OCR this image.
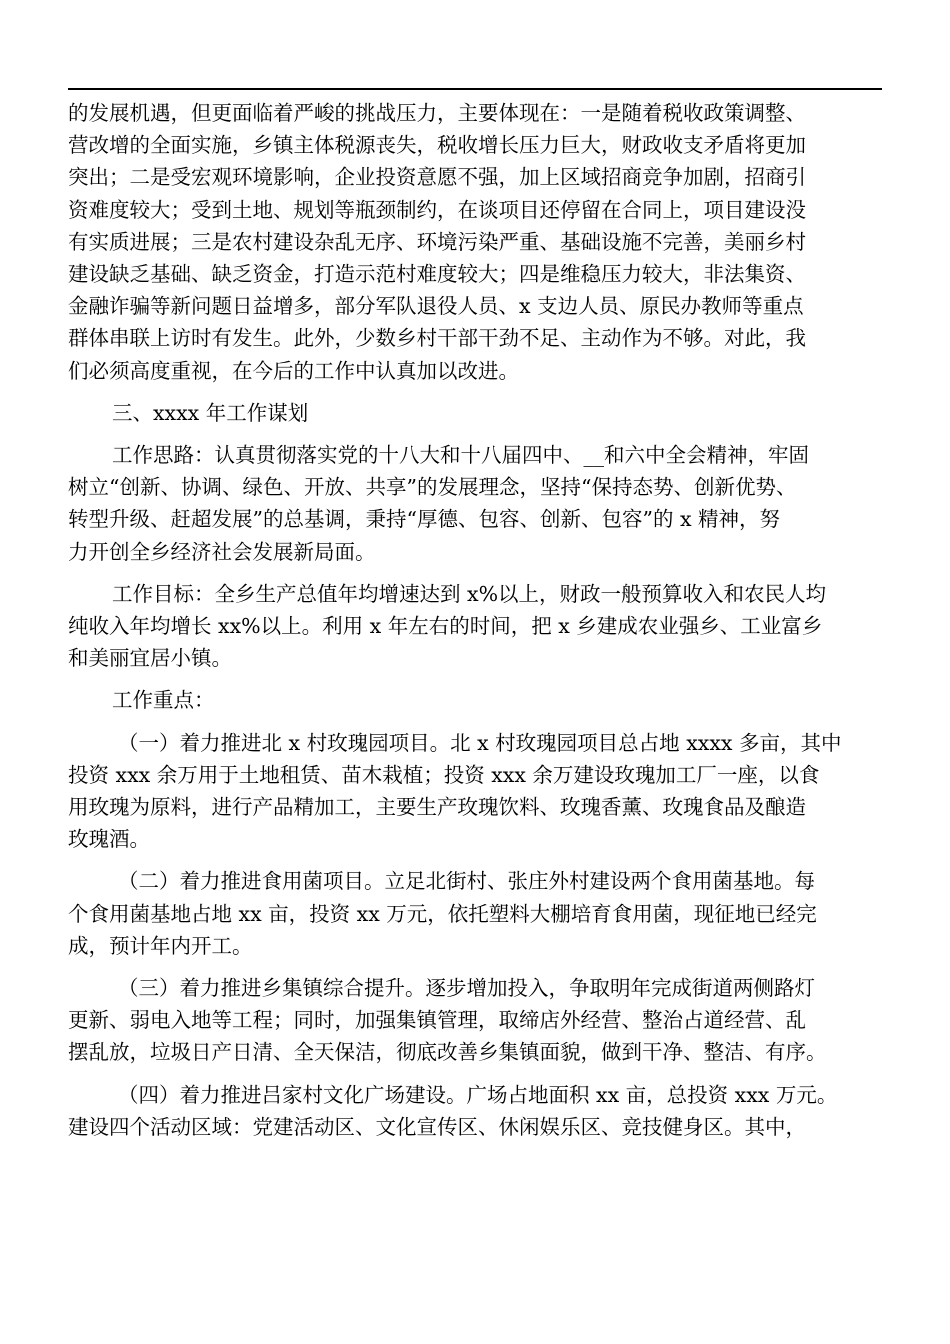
的发展机遇，但更面临着严峻的挑战压力，主要体现在：一是随着税收政策调整、
营改增的全面实施，乡镇主体税源丧失，税收增长压力巨大，财政收支矛盾将更加
突出；二是受宏观环境影响，企业投资意愿不强，加上区域招商竞争加剧，招商引
资难度较大；受到土地、规划等瓶颈制约，在谈项目还停留在合同上，项目建设没
有实质进展；三是农村建设杂乱无序、环境污染严重、基础设施不完善，美丽乡村
建设缺乏基础、缺乏资金，打造示范村难度较大；四是维稳压力较大，非法集资、
金融诈骗等新问题日益增多，部分军队退役人员、x 支边人员、原民办教师等重点
群体串联上访时有发生。此外，少数乡村干部干劲不足、主动作为不够。对此，我
们必须高度重视，在今后的工作中认真加以改进。
三、xxxx 年工作谋划
工作思路：认真贯彻落实党的十八大和十八届四中、__和六中全会精神，牢固
树立“创新、协调、绿色、开放、共享”的发展理念，坚持“保持态势、创新优势、
转型升级、赶超发展”的总基调，秉持“厚德、包容、创新、包容”的 x 精神，努
力开创全乡经济社会发展新局面。
工作目标：全乡生产总值年均增速达到 x%以上，财政一般预算收入和农民人均
纯收入年均增长 xx%以上。利用 x 年左右的时间，把 x 乡建成农业强乡、工业富乡
和美丽宜居小镇。
工作重点：
（一）着力推进北 x 村玫瑰园项目。北 x 村玫瑰园项目总占地 xxxx 多亩，其中
投资 xxx 余万用于土地租赁、苗木栽植；投资 xxx 余万建设玫瑰加工厂一座，以食
用玫瑰为原料，进行产品精加工，主要生产玫瑰饮料、玫瑰香薰、玫瑰食品及酿造
玫瑰酒。
（二）着力推进食用菌项目。立足北街村、张庄外村建设两个食用菌基地。每
个食用菌基地占地 xx 亩，投资 xx 万元，依托塑料大棚培育食用菌，现征地已经完
成，预计年内开工。
（三）着力推进乡集镇综合提升。逐步增加投入，争取明年完成街道两侧路灯
更新、弱电入地等工程；同时，加强集镇管理，取缔店外经营、整治占道经营、乱
摆乱放，垃圾日产日清、全天保洁，彻底改善乡集镇面貌，做到干净、整洁、有序。
（四）着力推进吕家村文化广场建设。广场占地面积 xx 亩，总投资 xxx 万元。
建设四个活动区域：党建活动区、文化宣传区、休闲娱乐区、竞技健身区。其中，
